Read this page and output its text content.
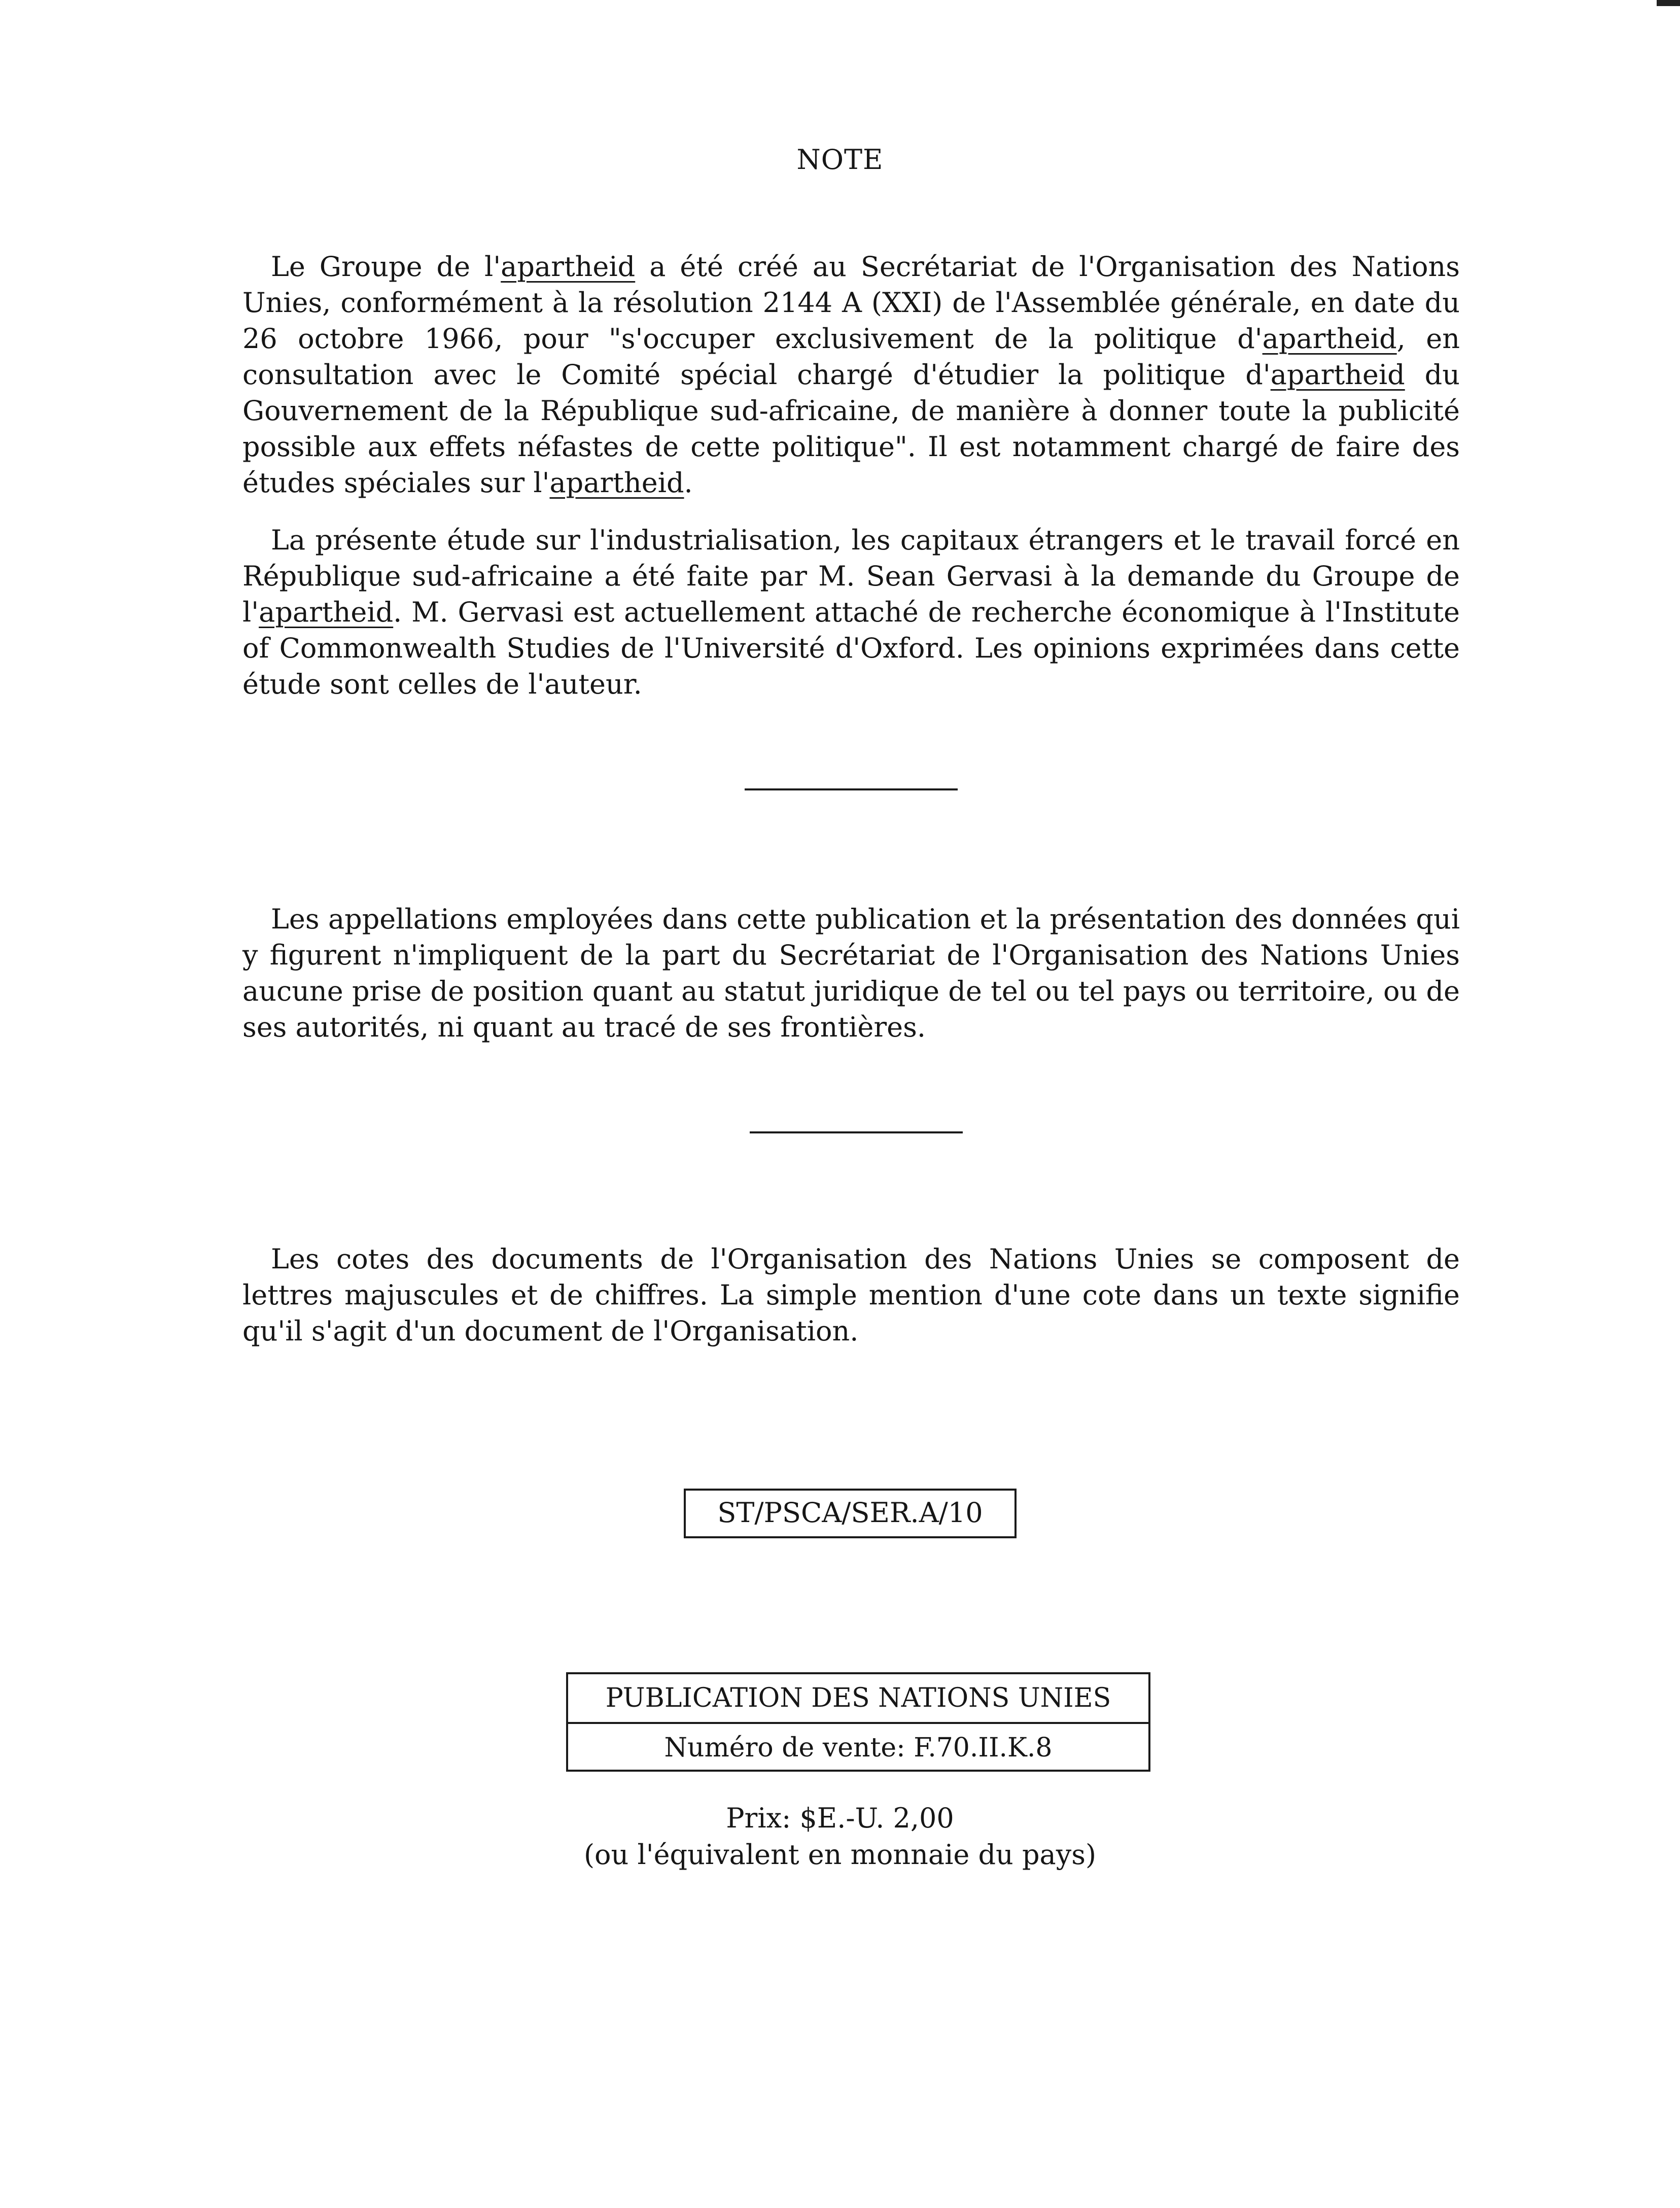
NOTE

Le Groupe de l'apartheid a été créé au Secrétariat de l'Organisation des Nations Unies, conformément à la résolution 2144 A (XXI) de l'Assemblée générale, en date du 26 octobre 1966, pour "s'occuper exclusivement de la politique d'apartheid, en consultation avec le Comité spécial chargé d'étudier la politique d'apartheid du Gouvernement de la République sud-africaine, de manière à donner toute la publicité possible aux effets néfastes de cette politique". Il est notamment chargé de faire des études spéciales sur l'apartheid.

La présente étude sur l'industrialisation, les capitaux étrangers et le travail forcé en République sud-africaine a été faite par M. Sean Gervasi à la demande du Groupe de l'apartheid. M. Gervasi est actuellement attaché de recherche économique à l'Institute of Commonwealth Studies de l'Université d'Oxford. Les opinions exprimées dans cette étude sont celles de l'auteur.

Les appellations employées dans cette publication et la présentation des données qui y figurent n'impliquent de la part du Secrétariat de l'Organisation des Nations Unies aucune prise de position quant au statut juridique de tel ou tel pays ou territoire, ou de ses autorités, ni quant au tracé de ses frontières.

Les cotes des documents de l'Organisation des Nations Unies se composent de lettres majuscules et de chiffres. La simple mention d'une cote dans un texte signifie qu'il s'agit d'un document de l'Organisation.

ST/PSCA/SER.A/10
PUBLICATION DES NATIONS UNIES
Numéro de vente: F.70.II.K.8
Prix: $E.-U. 2,00
(ou l'équivalent en monnaie du pays)
